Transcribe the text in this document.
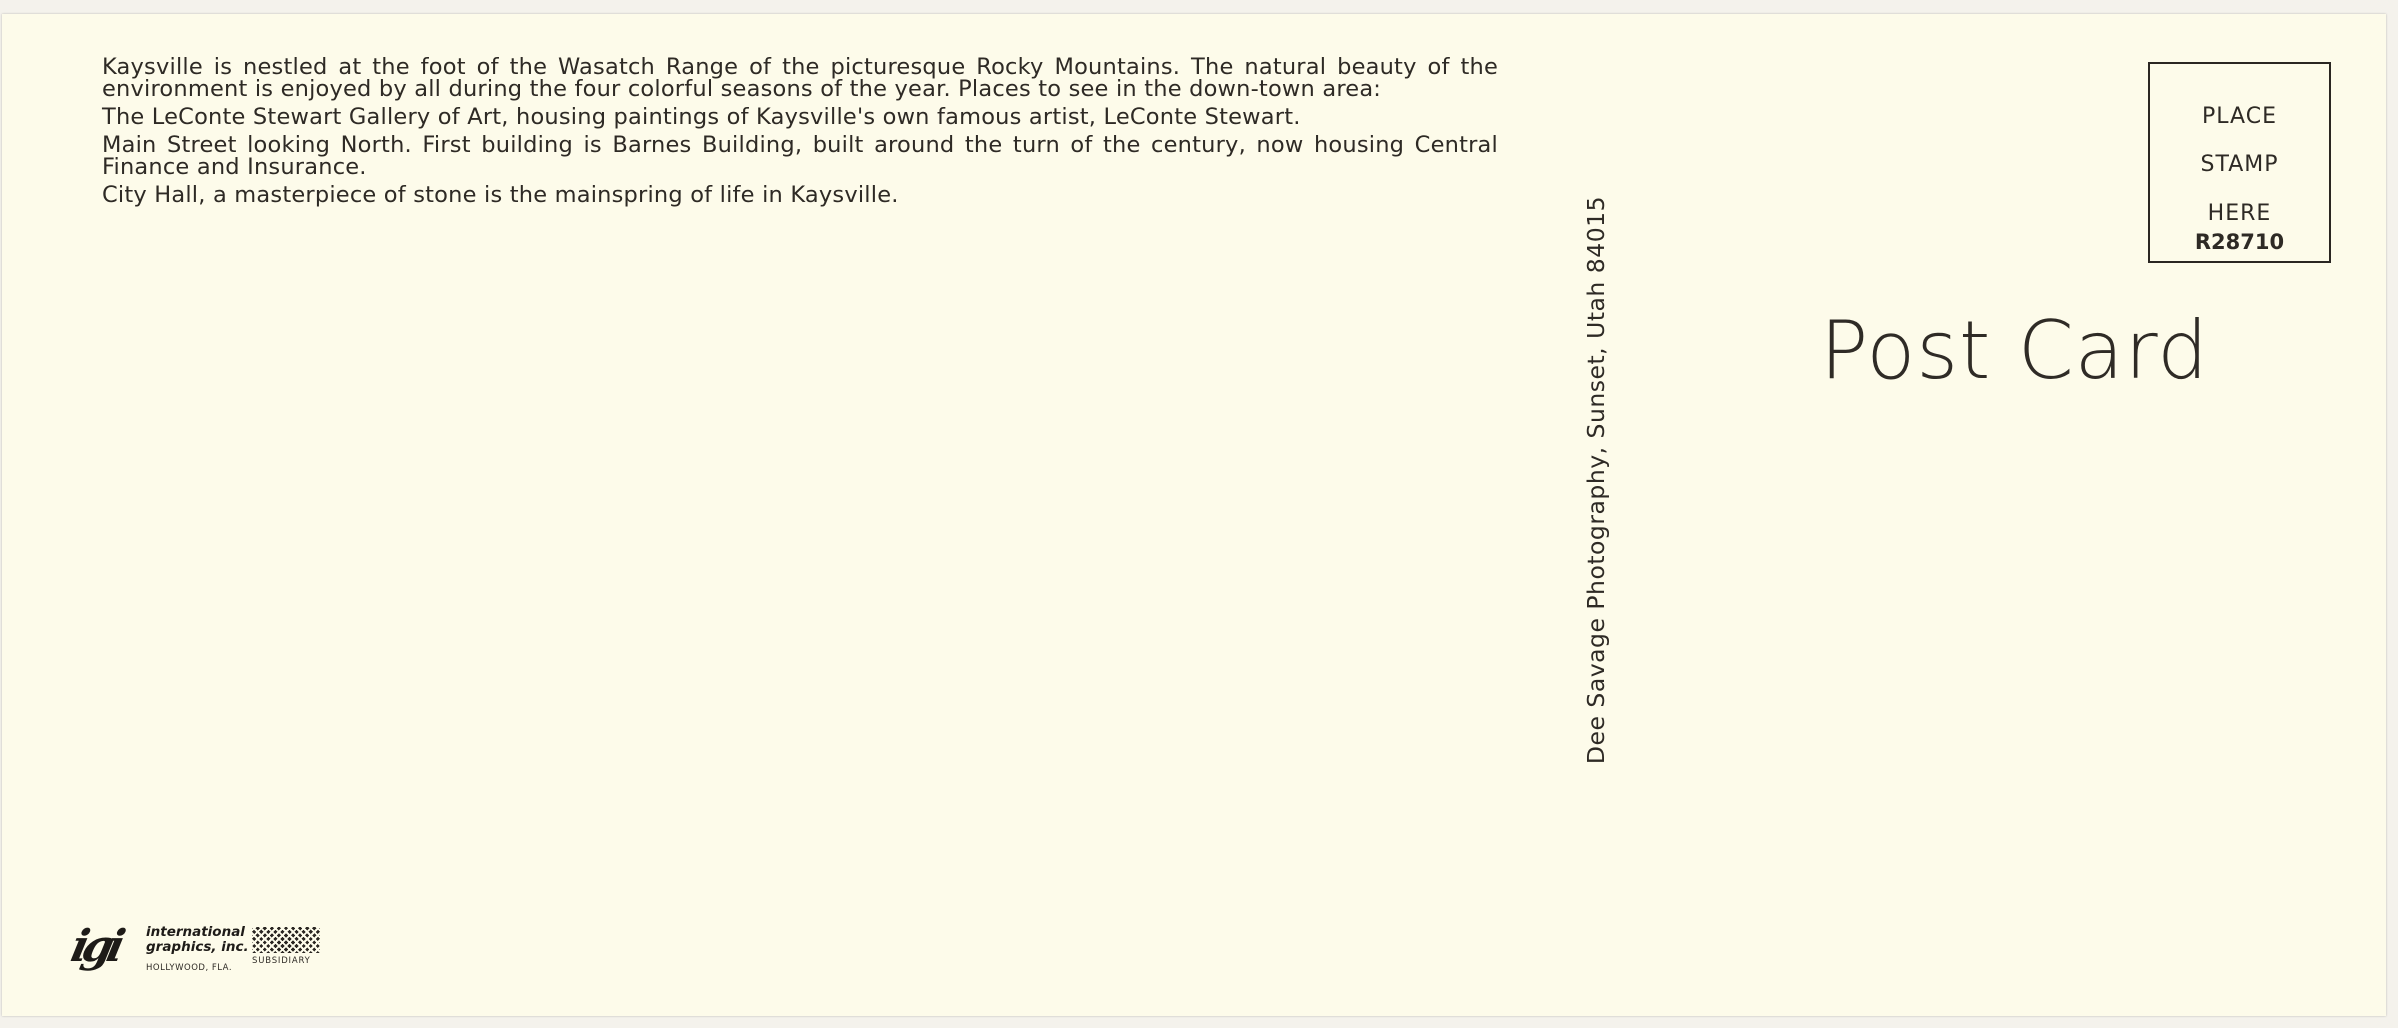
Kaysville is nestled at the foot of the Wasatch Range of the picturesque Rocky Mountains. The natural beauty of the environment is enjoyed by all during the four colorful seasons of the year. Places to see in the down-town area:

The LeConte Stewart Gallery of Art, housing paintings of Kaysville's own famous artist, LeConte Stewart.

Main Street looking North. First building is Barnes Building, built around the turn of the century, now housing Central Finance and Insurance.

City Hall, a masterpiece of stone is the mainspring of life in Kaysville.

Dee Savage Photography, Sunset, Utah 84015
PLACE
STAMP
HERE
R28710
Post Card
igi	international
graphics, inc.
HOLLYWOOD, FLA.
SUBSIDIARY
